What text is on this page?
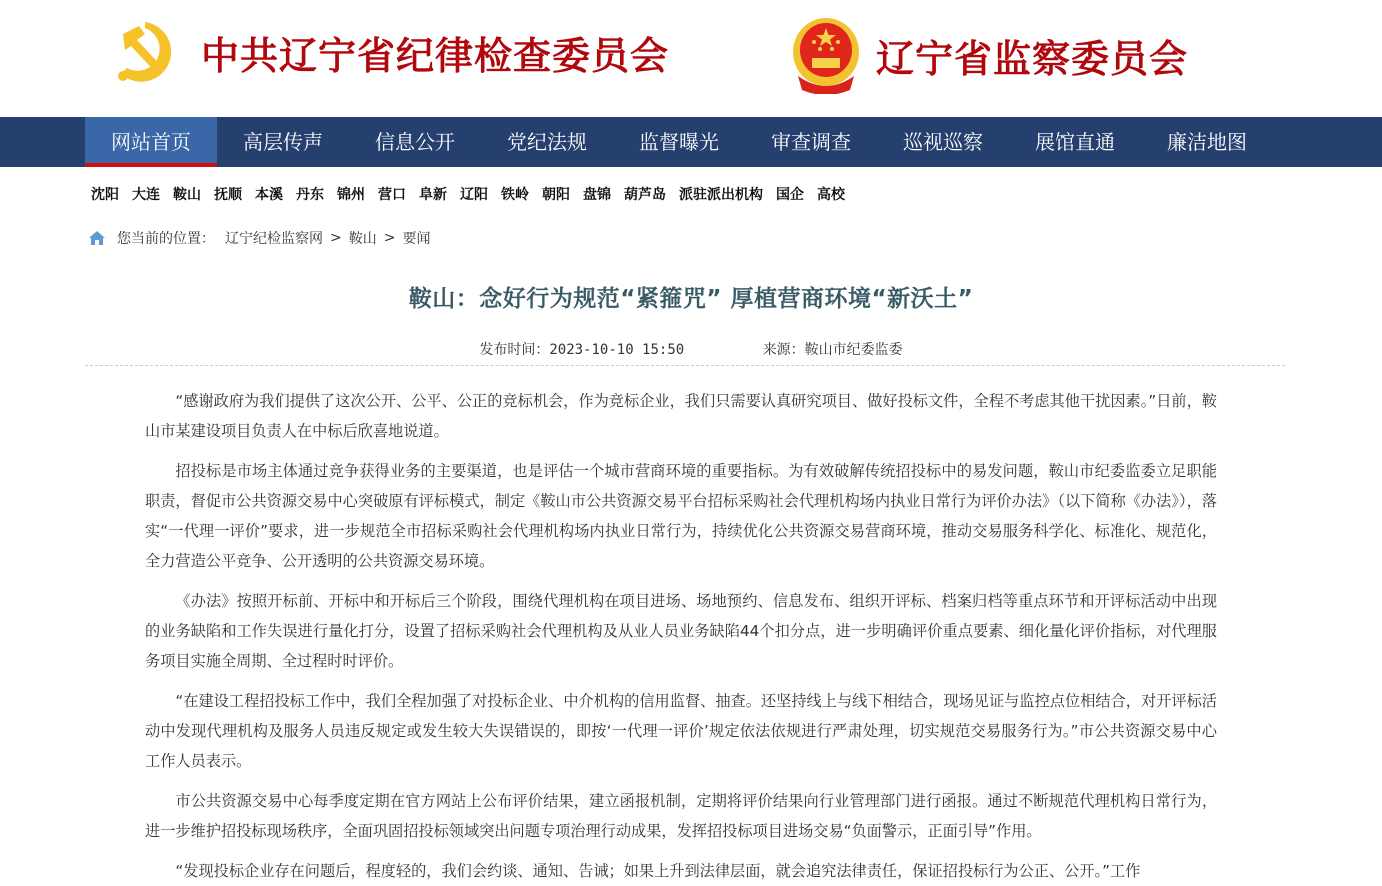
中共辽宁省纪律检查委员会	辽宁省监察委员会
网站首页	高层传声	信息公开	党纪法规	监督曝光	审查调查	巡视巡察	展馆直通	廉洁地图
沈阳 大连 鞍山 抚顺 本溪 丹东 锦州 营口 阜新 辽阳 铁岭 朝阳 盘锦 葫芦岛 派驻派出机构 国企 高校
您当前的位置： 辽宁纪检监察网 > 鞍山 > 要闻
鞍山：念好行为规范“紧箍咒” 厚植营商环境“新沃土”
发布时间：2023-10-10 15:50	来源：鞍山市纪委监委

“感谢政府为我们提供了这次公开、公平、公正的竞标机会，作为竞标企业，我们只需要认真研究项目、做好投标文件，全程不考虑其他干扰因素。”日前，鞍山市某建设项目负责人在中标后欣喜地说道。

招投标是市场主体通过竞争获得业务的主要渠道，也是评估一个城市营商环境的重要指标。为有效破解传统招投标中的易发问题，鞍山市纪委监委立足职能职责，督促市公共资源交易中心突破原有评标模式，制定《鞍山市公共资源交易平台招标采购社会代理机构场内执业日常行为评价办法》（以下简称《办法》），落实“一代理一评价”要求，进一步规范全市招标采购社会代理机构场内执业日常行为，持续优化公共资源交易营商环境，推动交易服务科学化、标准化、规范化，全力营造公平竞争、公开透明的公共资源交易环境。

《办法》按照开标前、开标中和开标后三个阶段，围绕代理机构在项目进场、场地预约、信息发布、组织开评标、档案归档等重点环节和开评标活动中出现的业务缺陷和工作失误进行量化打分，设置了招标采购社会代理机构及从业人员业务缺陷44个扣分点，进一步明确评价重点要素、细化量化评价指标，对代理服务项目实施全周期、全过程时时评价。

“在建设工程招投标工作中，我们全程加强了对投标企业、中介机构的信用监督、抽查。还坚持线上与线下相结合，现场见证与监控点位相结合，对开评标活动中发现代理机构及服务人员违反规定或发生较大失误错误的，即按‘一代理一评价’规定依法依规进行严肃处理，切实规范交易服务行为。”市公共资源交易中心工作人员表示。

市公共资源交易中心每季度定期在官方网站上公布评价结果，建立函报机制，定期将评价结果向行业管理部门进行函报。通过不断规范代理机构日常行为，进一步维护招投标现场秩序，全面巩固招投标领域突出问题专项治理行动成果，发挥招投标项目进场交易“负面警示，正面引导”作用。

“发现投标企业存在问题后，程度轻的，我们会约谈、通知、告诫；如果上升到法律层面，就会追究法律责任，保证招投标行为公正、公开。”工作
